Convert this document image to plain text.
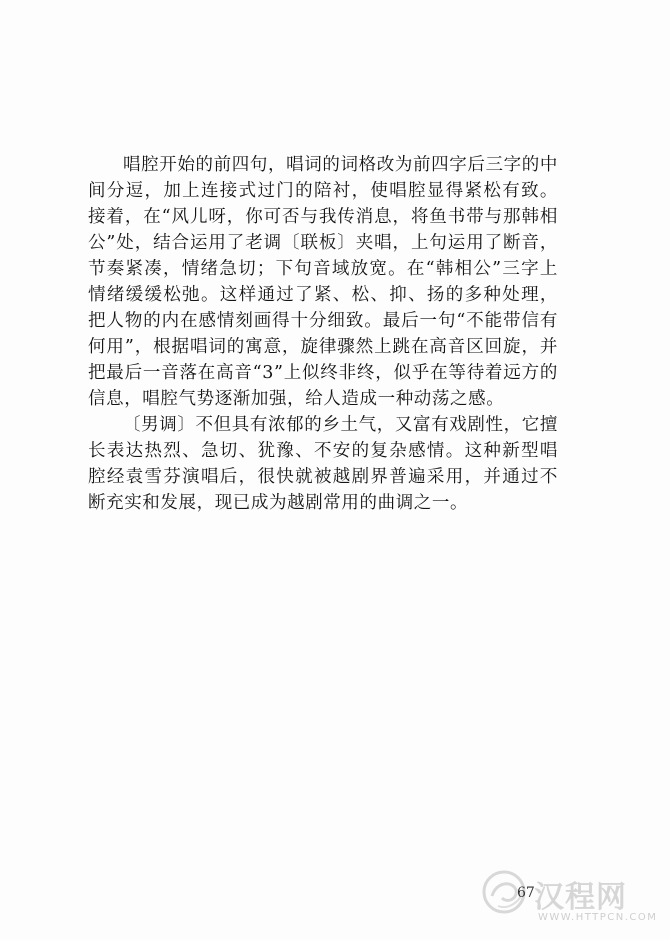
唱腔开始的前四句，唱词的词格改为前四字后三字的中间分逗，加上连接式过门的陪衬，使唱腔显得紧松有致。接着，在“风儿呀，你可否与我传消息，将鱼书带与那韩相公”处，结合运用了老调〔联板〕夹唱，上句运用了断音，节奏紧凑，情绪急切；下句音域放宽。在“韩相公”三字上情绪缓缓松弛。这样通过了紧、松、抑、扬的多种处理，把人物的内在感情刻画得十分细致。最后一句“不能带信有何用”，根据唱词的寓意，旋律骤然上跳在高音区回旋，并把最后一音落在高音“3”上似终非终，似乎在等待着远方的信息，唱腔气势逐渐加强，给人造成一种动荡之感。

〔男调〕不但具有浓郁的乡土气，又富有戏剧性，它擅长表达热烈、急切、犹豫、不安的复杂感情。这种新型唱腔经袁雪芬演唱后，很快就被越剧界普遍采用，并通过不断充实和发展，现已成为越剧常用的曲调之一。

汉程网
WWW.HTTPCN.COM
67
